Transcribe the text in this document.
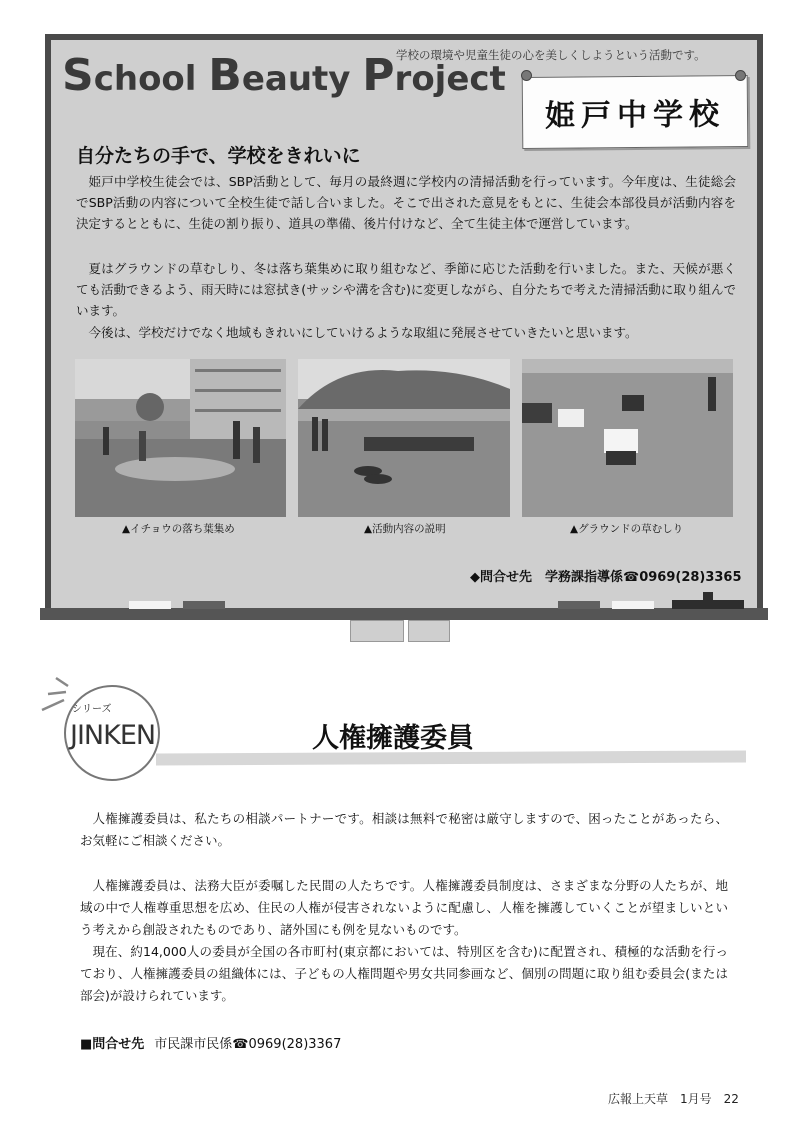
School Beauty Project
学校の環境や児童生徒の心を美しくしようという活動です。
姫戸中学校
自分たちの手で、学校をきれいに
姫戸中学校生徒会では、SBP活動として、毎月の最終週に学校内の清掃活動を行っています。今年度は、生徒総会でSBP活動の内容について全校生徒で話し合いました。そこで出された意見をもとに、生徒会本部役員が活動内容を決定するとともに、生徒の割り振り、道具の準備、後片付けなど、全て生徒主体で運営しています。
夏はグラウンドの草むしり、冬は落ち葉集めに取り組むなど、季節に応じた活動を行いました。また、天候が悪くても活動できるよう、雨天時には窓拭き(サッシや溝を含む)に変更しながら、自分たちで考えた清掃活動に取り組んでいます。
今後は、学校だけでなく地域もきれいにしていけるような取組に発展させていきたいと思います。
▲イチョウの落ち葉集め	▲活動内容の説明	▲グラウンドの草むしり
◆問合せ先　学務課指導係☎0969(28)3365
シリーズ
JINKEN	人権擁護委員
人権擁護委員は、私たちの相談パートナーです。相談は無料で秘密は厳守しますので、困ったことがあったら、お気軽にご相談ください。
人権擁護委員は、法務大臣が委嘱した民間の人たちです。人権擁護委員制度は、さまざまな分野の人たちが、地域の中で人権尊重思想を広め、住民の人権が侵害されないように配慮し、人権を擁護していくことが望ましいという考えから創設されたものであり、諸外国にも例を見ないものです。
現在、約14,000人の委員が全国の各市町村(東京都においては、特別区を含む)に配置され、積極的な活動を行っており、人権擁護委員の組織体には、子どもの人権問題や男女共同参画など、個別の問題に取り組む委員会(または部会)が設けられています。
■問合せ先 市民課市民係☎0969(28)3367
広報上天草　1月号　22
